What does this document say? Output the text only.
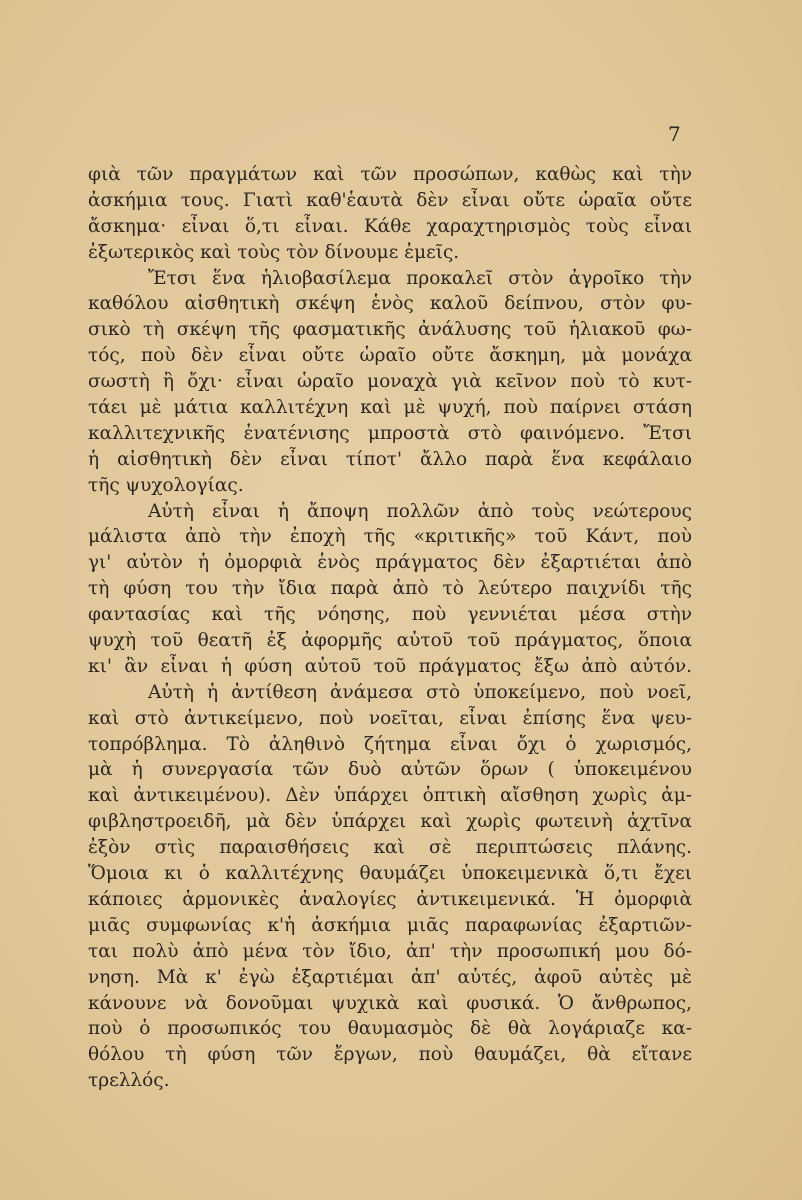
7
φιὰ τῶν πραγμάτων καὶ τῶν προσώπων, καθὼς καὶ τὴν
ἀσκήμια τους. Γιατὶ καθ'ἑαυτὰ δὲν εἶναι οὔτε ὡραῖα οὔτε
ἄσκημα· εἶναι ὅ,τι εἶναι. Κάθε χαραχτηρισμὸς τοὺς εἶναι
ἐξωτερικὸς καὶ τοὺς τὸν δίνουμε ἐμεῖς.
Ἔτσι ἕνα ἡλιοβασίλεμα προκαλεῖ στὸν ἀγροῖκο τὴν
καθόλου αἰσθητικὴ σκέψη ἑνὸς καλοῦ δείπνου, στὸν φυ-
σικὸ τὴ σκέψη τῆς φασματικῆς ἀνάλυσης τοῦ ἡλιακοῦ φω-
τός, ποὺ δὲν εἶναι οὔτε ὡραῖο οὔτε ἄσκημη, μὰ μονάχα
σωστὴ ἢ ὄχι· εἶναι ὡραῖο μοναχὰ γιὰ κεῖνον ποὺ τὸ κυτ-
τάει μὲ μάτια καλλιτέχνη καὶ μὲ ψυχή, ποὺ παίρνει στάση
καλλιτεχνικῆς ἐνατένισης μπροστὰ στὸ φαινόμενο. Ἔτσι
ἡ αἰσθητικὴ δὲν εἶναι τίποτ' ἄλλο παρὰ ἕνα κεφάλαιο
τῆς ψυχολογίας.
Αὐτὴ εἶναι ἡ ἄποψη πολλῶν ἀπὸ τοὺς νεώτερους
μάλιστα ἀπὸ τὴν ἐποχὴ τῆς «κριτικῆς» τοῦ Κάντ, ποὺ
γι' αὐτὸν ἡ ὀμορφιὰ ἑνὸς πράγματος δὲν ἐξαρτιέται ἀπὸ
τὴ φύση του τὴν ἴδια παρὰ ἀπὸ τὸ λεύτερο παιχνίδι τῆς
φαντασίας καὶ τῆς νόησης, ποὺ γεννιέται μέσα στὴν
ψυχὴ τοῦ θεατῆ ἐξ ἀφορμῆς αὐτοῦ τοῦ πράγματος, ὅποια
κι' ἂν εἶναι ἡ φύση αὐτοῦ τοῦ πράγματος ἔξω ἀπὸ αὐτόν.
Αὐτὴ ἡ ἀντίθεση ἀνάμεσα στὸ ὑποκείμενο, ποὺ νοεῖ,
καὶ στὸ ἀντικείμενο, ποὺ νοεῖται, εἶναι ἐπίσης ἕνα ψευ-
τοπρόβλημα. Τὸ ἀληθινὸ ζήτημα εἶναι ὄχι ὁ χωρισμός,
μὰ ἡ συνεργασία τῶν δυὸ αὐτῶν ὅρων ( ὑποκειμένου
καὶ ἀντικειμένου). Δὲν ὑπάρχει ὀπτικὴ αἴσθηση χωρὶς ἀμ-
φιβληστροειδῆ, μὰ δὲν ὑπάρχει καὶ χωρὶς φωτεινὴ ἀχτῖνα
ἐξὸν στὶς παραισθήσεις καὶ σὲ περιπτώσεις πλάνης.
Ὅμοια κι ὁ καλλιτέχνης θαυμάζει ὑποκειμενικὰ ὅ,τι ἔχει
κάποιες ἁρμονικὲς ἀναλογίες ἀντικειμενικά. Ἡ ὀμορφιὰ
μιᾶς συμφωνίας κ'ἡ ἀσκήμια μιᾶς παραφωνίας ἐξαρτιῶν-
ται πολὺ ἀπὸ μένα τὸν ἴδιο, ἀπ' τὴν προσωπική μου δό-
νηση. Μὰ κ' ἐγὼ ἐξαρτιέμαι ἀπ' αὐτές, ἀφοῦ αὐτὲς μὲ
κάνουνε νὰ δονοῦμαι ψυχικὰ καὶ φυσικά. Ὁ ἄνθρωπος,
ποὺ ὁ προσωπικός του θαυμασμὸς δὲ θὰ λογάριαζε κα-
θόλου τὴ φύση τῶν ἔργων, ποὺ θαυμάζει, θὰ εἴτανε
τρελλός.
